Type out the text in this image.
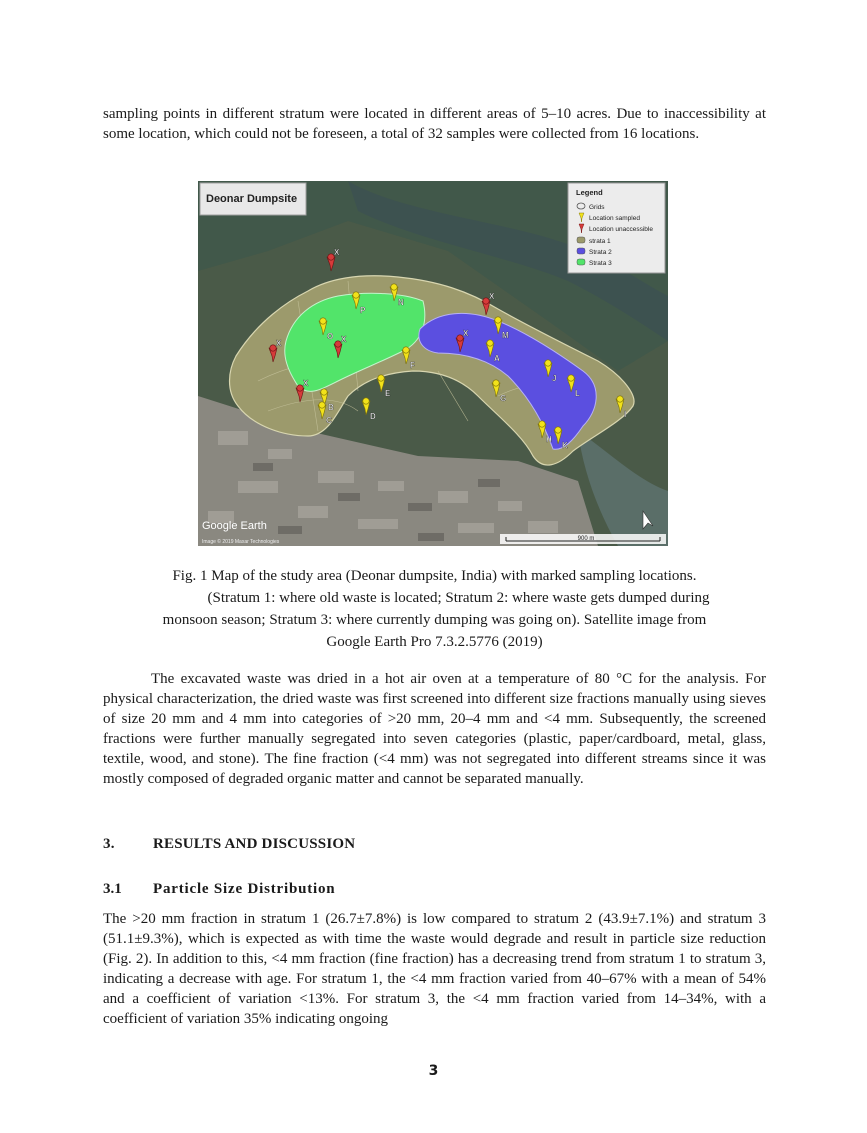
sampling points in different stratum were located in different areas of 5–10 acres. Due to inaccessibility at some location, which could not be foreseen, a total of 32 samples were collected from 16 locations.

Deonar Dumpsite
Legend
Grids
Location sampled
Location unaccessible
strata 1
Strata 2
Strata 3
A
B
C	D
E
F
G
H
I
J
K
L
M
N
O
P
X
X
X
X
X
X
Google Earth
Image © 2019 Maxar Technologies	900 m
Fig. 1 Map of the study area (Deonar dumpsite, India) with marked sampling locations.
(Stratum 1: where old waste is located; Stratum 2: where waste gets dumped during
monsoon season; Stratum 3: where currently dumping was going on). Satellite image from
Google Earth Pro 7.3.2.5776 (2019)

The excavated waste was dried in a hot air oven at a temperature of 80 °C for the analysis. For physical characterization, the dried waste was first screened into different size fractions manually using sieves of size 20 mm and 4 mm into categories of >20 mm, 20–4 mm and <4 mm. Subsequently, the screened fractions were further manually segregated into seven categories (plastic, paper/cardboard, metal, glass, textile, wood, and stone). The fine fraction (<4 mm) was not segregated into different streams since it was mostly composed of degraded organic matter and cannot be separated manually.

3.	RESULTS AND DISCUSSION
3.1 Particle Size Distribution

The >20 mm fraction in stratum 1 (26.7±7.8%) is low compared to stratum 2 (43.9±7.1%) and stratum 3 (51.1±9.3%), which is expected as with time the waste would degrade and result in particle size reduction (Fig. 2). In addition to this, <4 mm fraction (fine fraction) has a decreasing trend from stratum 1 to stratum 3, indicating a decrease with age. For stratum 1, the <4 mm fraction varied from 40–67% with a mean of 54% and a coefficient of variation <13%. For stratum 3, the <4 mm fraction varied from 14–34%, with a coefficient of variation 35% indicating ongoing

3
